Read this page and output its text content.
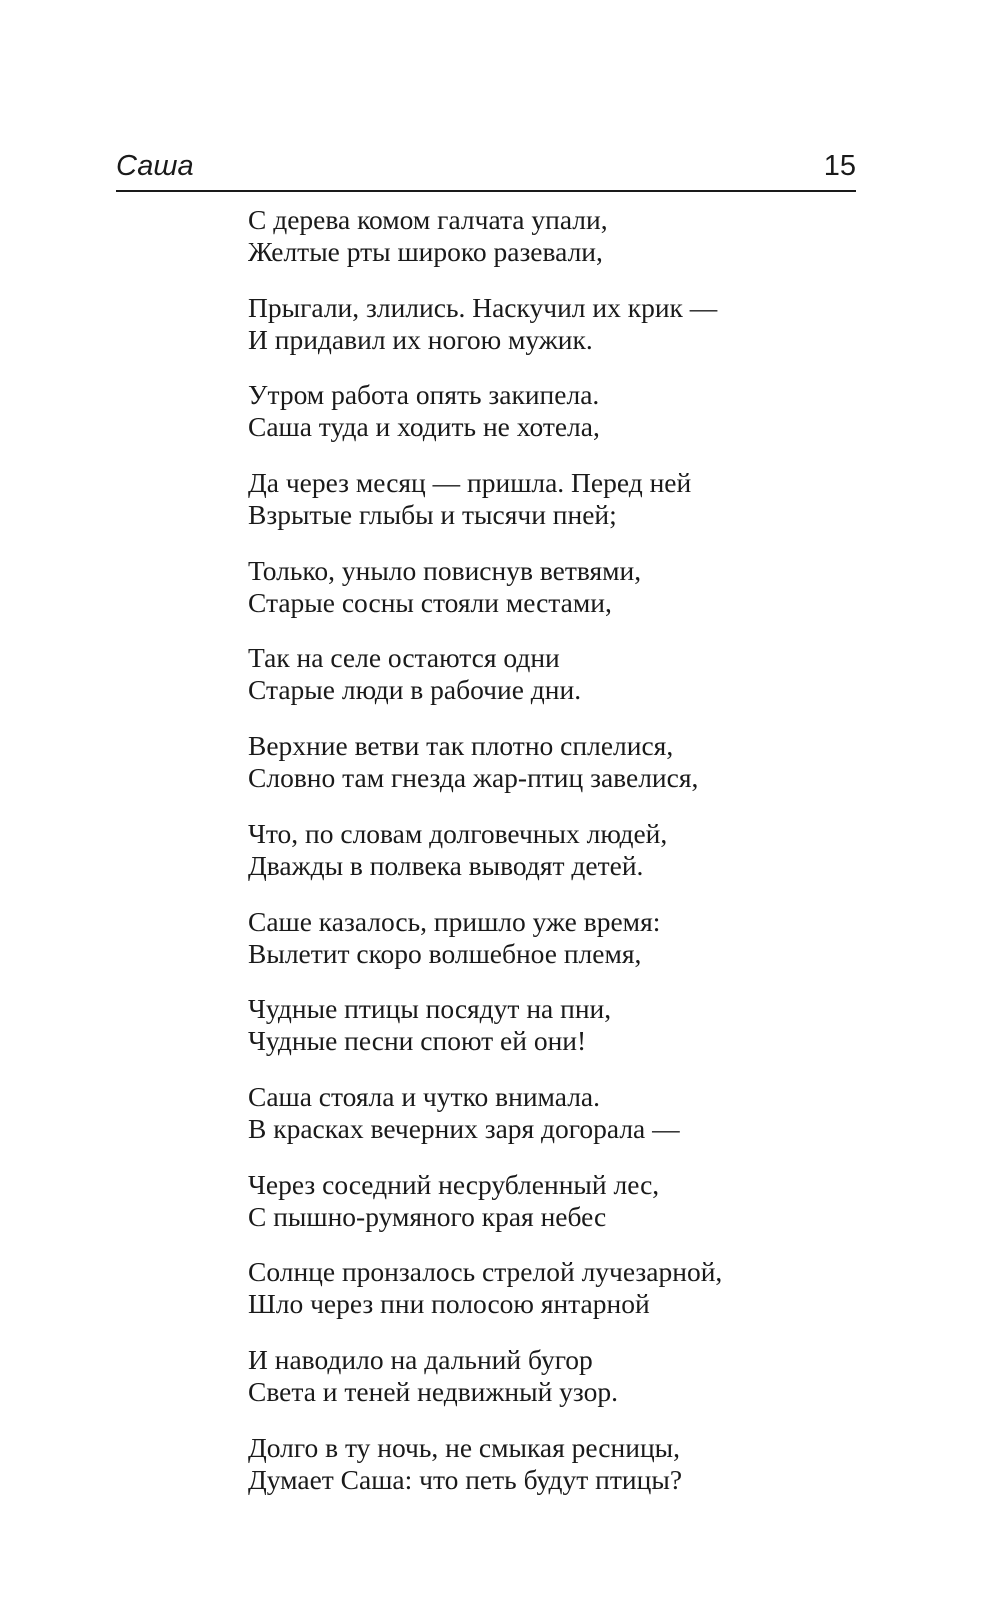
Саша	15
С дерева комом галчата упали,
Желтые рты широко разевали,
Прыгали, злились. Наскучил их крик —
И придавил их ногою мужик.
Утром работа опять закипела.
Саша туда и ходить не хотела,
Да через месяц — пришла. Перед ней
Взрытые глыбы и тысячи пней;
Только, уныло повиснув ветвями,
Старые сосны стояли местами,
Так на селе остаются одни
Старые люди в рабочие дни.
Верхние ветви так плотно сплелися,
Словно там гнезда жар-птиц завелися,
Что, по словам долговечных людей,
Дважды в полвека выводят детей.
Саше казалось, пришло уже время:
Вылетит скоро волшебное племя,
Чудные птицы посядут на пни,
Чудные песни споют ей они!
Саша стояла и чутко внимала.
В красках вечерних заря догорала —
Через соседний несрубленный лес,
С пышно-румяного края небес
Солнце пронзалось стрелой лучезарной,
Шло через пни полосою янтарной
И наводило на дальний бугор
Света и теней недвижный узор.
Долго в ту ночь, не смыкая ресницы,
Думает Саша: что петь будут птицы?
